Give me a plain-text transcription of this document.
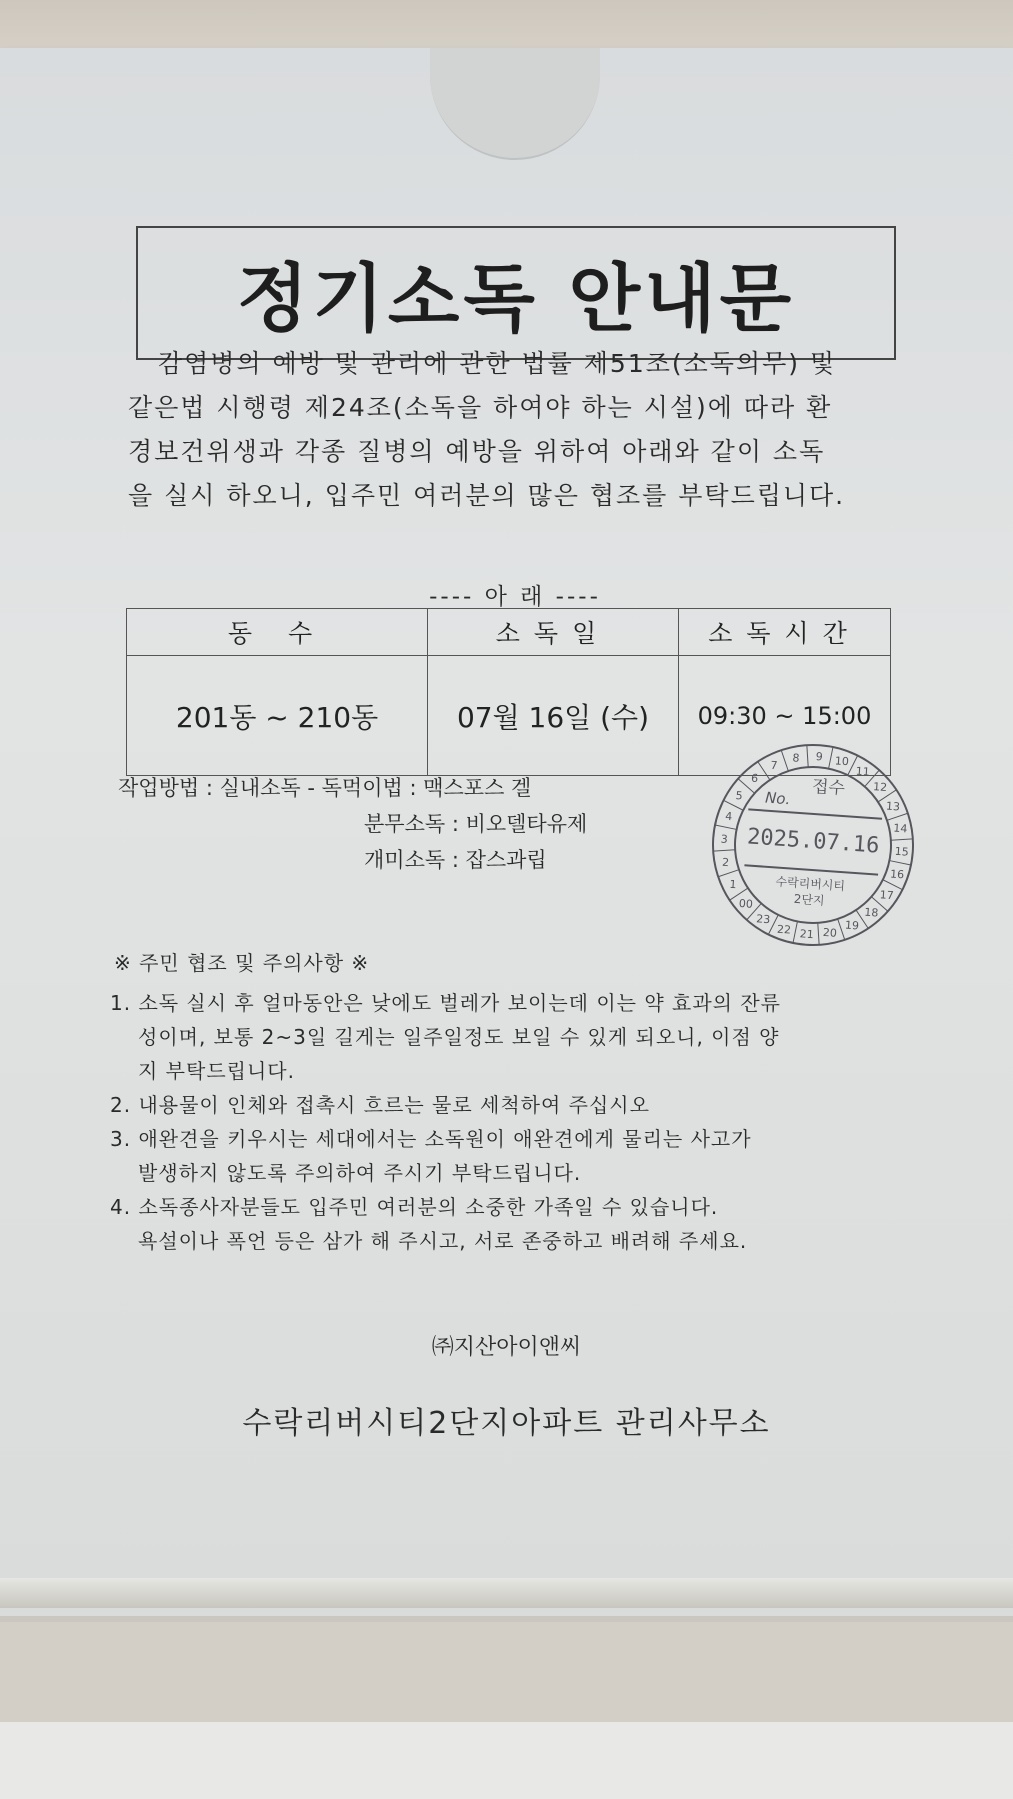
정기소독 안내문

감염병의 예방 및 관리에 관한 법률 제51조(소독의무) 및
같은법 시행령 제24조(소독을 하여야 하는 시설)에 따라 환
경보건위생과 각종 질병의 예방을 위하여 아래와 같이 소독
을 실시 하오니, 입주민 여러분의 많은 협조를 부탁드립니다.

---- 아 래 ----

동 수	소독일	소독시간
201동 ~ 210동	07월 16일 (수)	09:30 ~ 15:00

작업방법 : 실내소독 - 독먹이법 : 맥스포스 겔
분무소독 : 비오델타유제
개미소독 : 잡스과립

1
2
3
4
5
6
7
8 9 10
11
12
13
14
15
16
17
18
19
20
21
22
23
00
No. 접수
2025.07.16
수락리버시티
2단지

※ 주민 협조 및 주의사항 ※
1. 소독 실시 후 얼마동안은 낮에도 벌레가 보이는데 이는 약 효과의 잔류
성이며, 보통 2~3일 길게는 일주일정도 보일 수 있게 되오니, 이점 양
지 부탁드립니다.
2. 내용물이 인체와 접촉시 흐르는 물로 세척하여 주십시오
3. 애완견을 키우시는 세대에서는 소독원이 애완견에게 물리는 사고가
발생하지 않도록 주의하여 주시기 부탁드립니다.
4. 소독종사자분들도 입주민 여러분의 소중한 가족일 수 있습니다.
욕설이나 폭언 등은 삼가 해 주시고, 서로 존중하고 배려해 주세요.

㈜지산아이앤씨

수락리버시티2단지아파트 관리사무소
